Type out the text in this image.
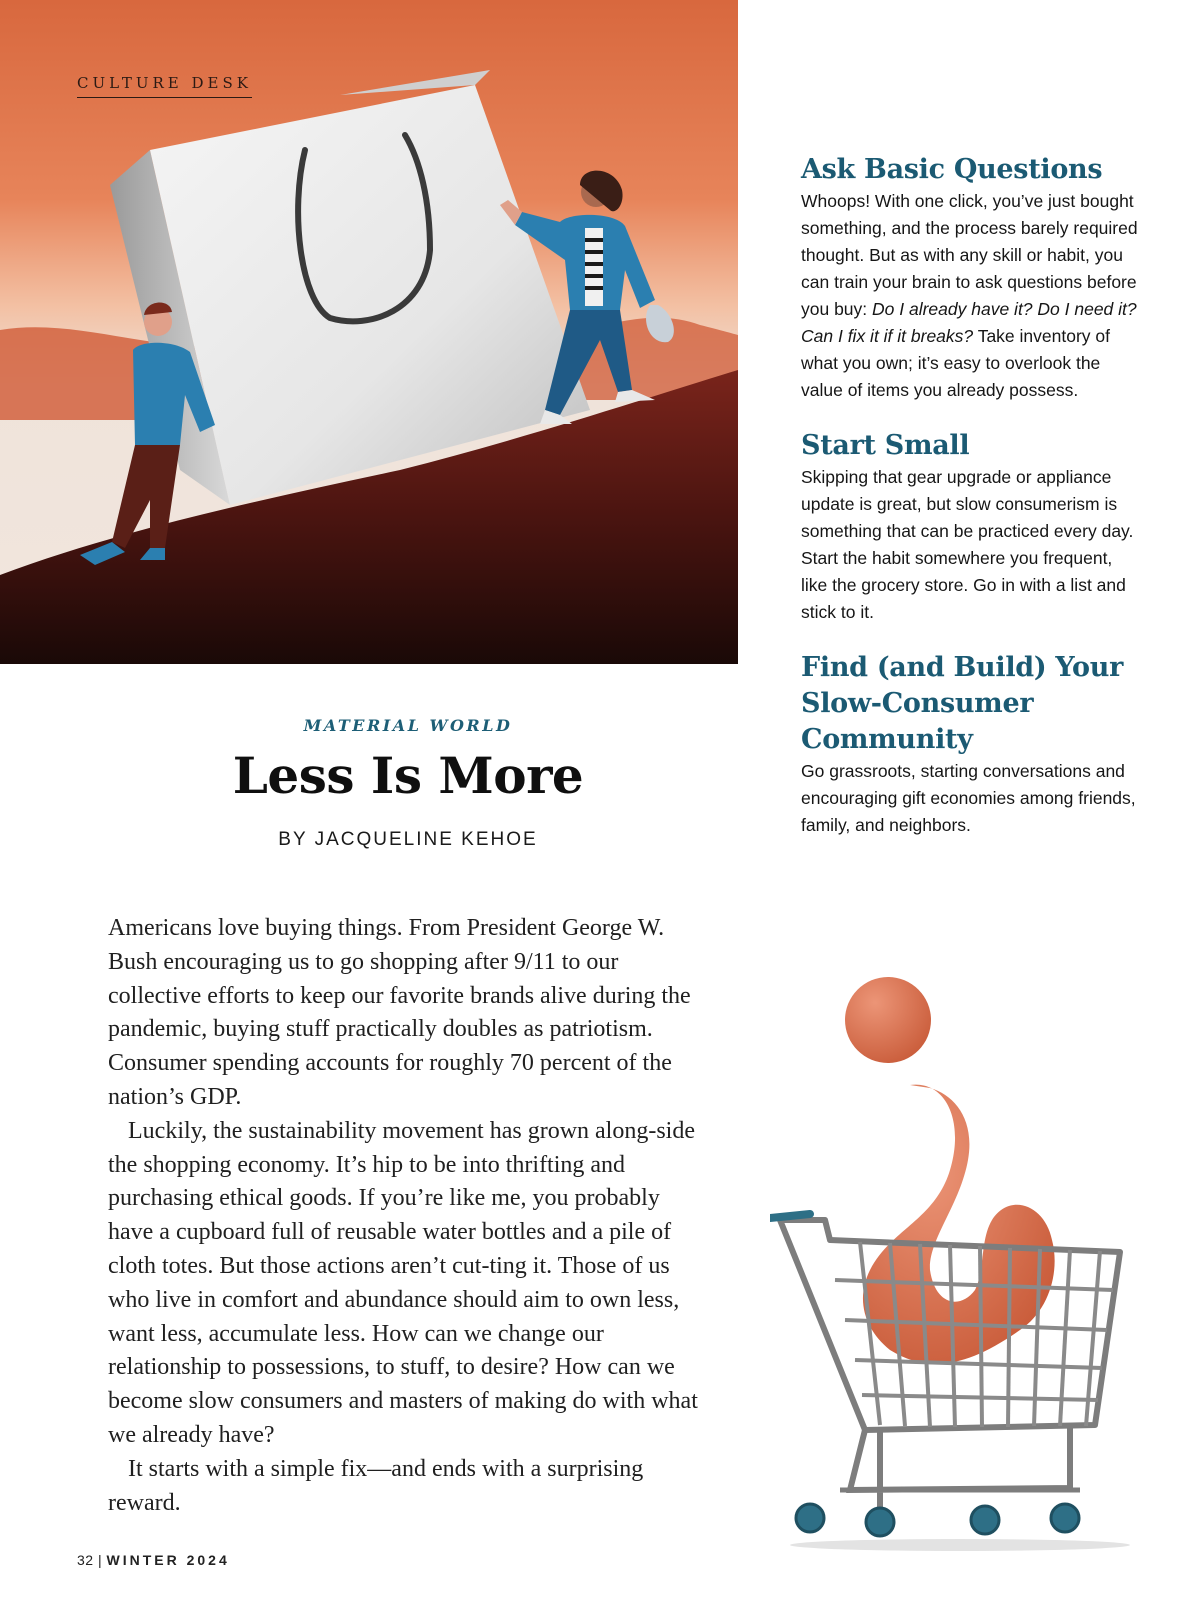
CULTURE DESK

MATERIAL WORLD

Less Is More

BY JACQUELINE KEHOE

Americans love buying things. From President George W. Bush encouraging us to go shopping after 9/11 to our collective efforts to keep our favorite brands alive during the pandemic, buying stuff practically doubles as patriotism. Consumer spending accounts for roughly 70 percent of the nation’s GDP.

Luckily, the sustainability movement has grown along-side the shopping economy. It’s hip to be into thrifting and purchasing ethical goods. If you’re like me, you probably have a cupboard full of reusable water bottles and a pile of cloth totes. But those actions aren’t cut-ting it. Those of us who live in comfort and abundance should aim to own less, want less, accumulate less. How can we change our relationship to possessions, to stuff, to desire? How can we become slow consumers and masters of making do with what we already have?

It starts with a simple fix—and ends with a surprising reward.

Ask Basic Questions

Whoops! With one click, you’ve just bought something, and the process barely required thought. But as with any skill or habit, you can train your brain to ask questions before you buy: Do I already have it? Do I need it? Can I fix it if it breaks? Take inventory of what you own; it’s easy to overlook the value of items you already possess.

Start Small

Skipping that gear upgrade or appliance update is great, but slow consumerism is something that can be practiced every day. Start the habit somewhere you frequent, like the grocery store. Go in with a list and stick to it.

Find (and Build) Your Slow-Consumer Community

Go grassroots, starting conversations and encouraging gift economies among friends, family, and neighbors.

32 | WINTER 2024
